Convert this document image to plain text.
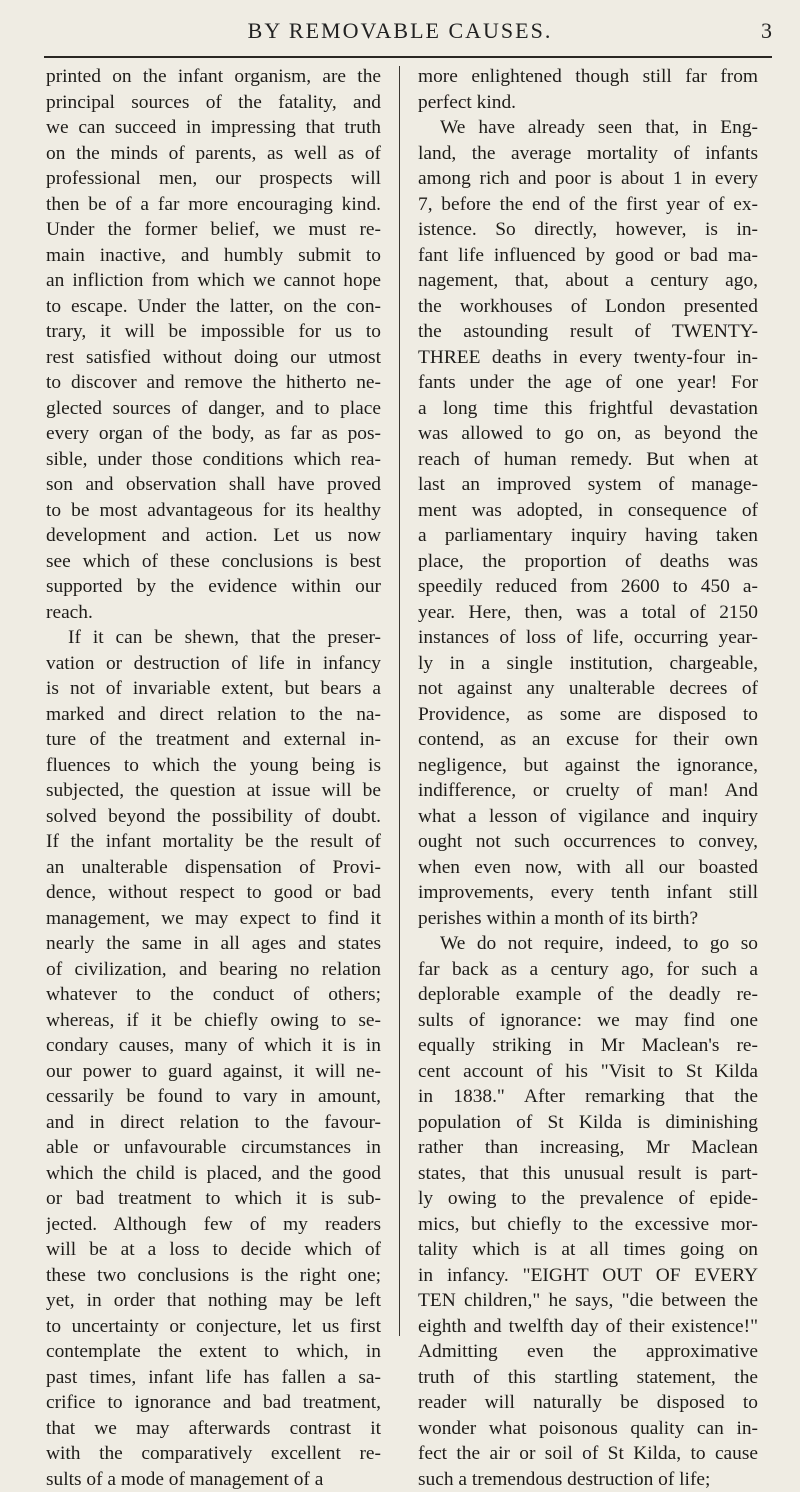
BY REMOVABLE CAUSES.	3
printed on the infant organism, are the
principal sources of the fatality, and
we can succeed in impressing that truth
on the minds of parents, as well as of
professional men, our prospects will
then be of a far more encouraging kind.
Under the former belief, we must re-
main inactive, and humbly submit to
an infliction from which we cannot hope
to escape. Under the latter, on the con-
trary, it will be impossible for us to
rest satisfied without doing our utmost
to discover and remove the hitherto ne-
glected sources of danger, and to place
every organ of the body, as far as pos-
sible, under those conditions which rea-
son and observation shall have proved
to be most advantageous for its healthy
development and action. Let us now
see which of these conclusions is best
supported by the evidence within our
reach.
If it can be shewn, that the preser-
vation or destruction of life in infancy
is not of invariable extent, but bears a
marked and direct relation to the na-
ture of the treatment and external in-
fluences to which the young being is
subjected, the question at issue will be
solved beyond the possibility of doubt.
If the infant mortality be the result of
an unalterable dispensation of Provi-
dence, without respect to good or bad
management, we may expect to find it
nearly the same in all ages and states
of civilization, and bearing no relation
whatever to the conduct of others;
whereas, if it be chiefly owing to se-
condary causes, many of which it is in
our power to guard against, it will ne-
cessarily be found to vary in amount,
and in direct relation to the favour-
able or unfavourable circumstances in
which the child is placed, and the good
or bad treatment to which it is sub-
jected. Although few of my readers
will be at a loss to decide which of
these two conclusions is the right one;
yet, in order that nothing may be left
to uncertainty or conjecture, let us first
contemplate the extent to which, in
past times, infant life has fallen a sa-
crifice to ignorance and bad treatment,
that we may afterwards contrast it
with the comparatively excellent re-
sults of a mode of management of a
more enlightened though still far from
perfect kind.
We have already seen that, in Eng-
land, the average mortality of infants
among rich and poor is about 1 in every
7, before the end of the first year of ex-
istence. So directly, however, is in-
fant life influenced by good or bad ma-
nagement, that, about a century ago,
the workhouses of London presented
the astounding result of TWENTY-
THREE deaths in every twenty-four in-
fants under the age of one year! For
a long time this frightful devastation
was allowed to go on, as beyond the
reach of human remedy. But when at
last an improved system of manage-
ment was adopted, in consequence of
a parliamentary inquiry having taken
place, the proportion of deaths was
speedily reduced from 2600 to 450 a-
year. Here, then, was a total of 2150
instances of loss of life, occurring year-
ly in a single institution, chargeable,
not against any unalterable decrees of
Providence, as some are disposed to
contend, as an excuse for their own
negligence, but against the ignorance,
indifference, or cruelty of man! And
what a lesson of vigilance and inquiry
ought not such occurrences to convey,
when even now, with all our boasted
improvements, every tenth infant still
perishes within a month of its birth?
We do not require, indeed, to go so
far back as a century ago, for such a
deplorable example of the deadly re-
sults of ignorance: we may find one
equally striking in Mr Maclean's re-
cent account of his "Visit to St Kilda
in 1838." After remarking that the
population of St Kilda is diminishing
rather than increasing, Mr Maclean
states, that this unusual result is part-
ly owing to the prevalence of epide-
mics, but chiefly to the excessive mor-
tality which is at all times going on
in infancy. "EIGHT OUT OF EVERY
TEN children," he says, "die between the
eighth and twelfth day of their existence!"
Admitting even the approximative
truth of this startling statement, the
reader will naturally be disposed to
wonder what poisonous quality can in-
fect the air or soil of St Kilda, to cause
such a tremendous destruction of life;
